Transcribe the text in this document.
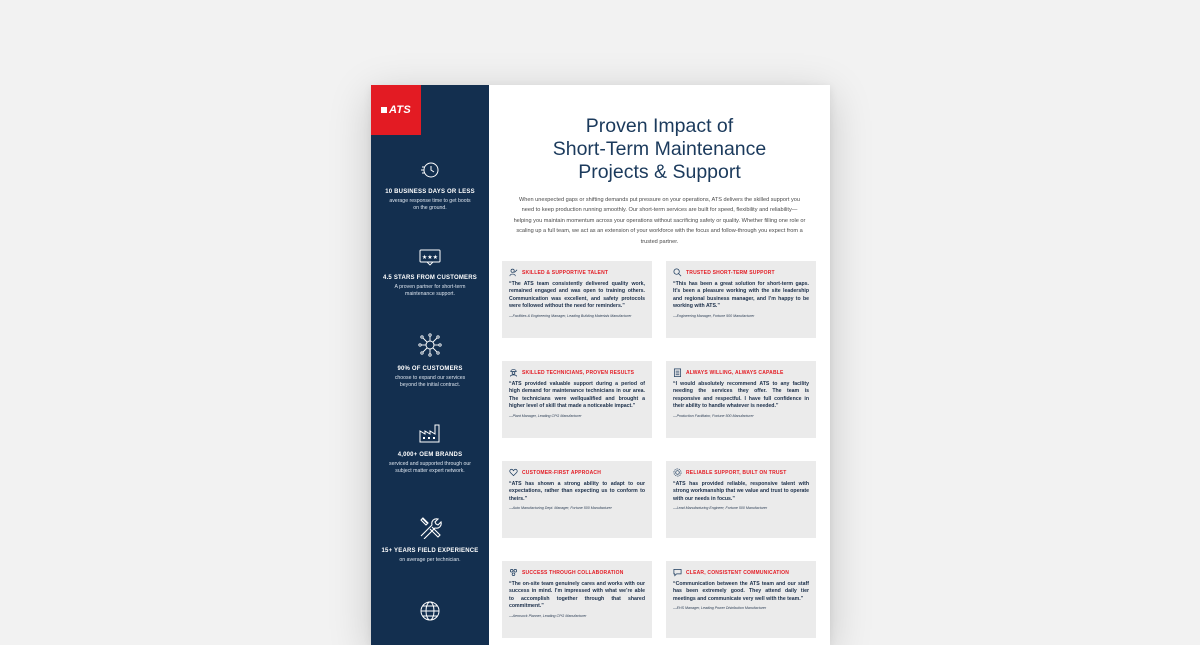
ATS
10 BUSINESS DAYS OR LESS
average response time to get boots on the ground.
★★★
4.5 STARS FROM CUSTOMERS
A proven partner for short-term maintenance support.
90% OF CUSTOMERS
choose to expand our services beyond the initial contract.
4,000+ OEM BRANDS
serviced and supported through our subject matter expert network.
15+ YEARS FIELD EXPERIENCE
on average per technician.
Proven Impact of
Short-Term Maintenance
Projects & Support
When unexpected gaps or shifting demands put pressure on your operations, ATS delivers the skilled support you need to keep production running smoothly. Our short-term services are built for speed, flexibility and reliability—helping you maintain momentum across your operations without sacrificing safety or quality. Whether filling one role or scaling up a full team, we act as an extension of your workforce with the focus and follow-through you expect from a trusted partner.
SKILLED & SUPPORTIVE TALENT
“The ATS team consistently delivered quality work, remained engaged and was open to training others. Communication was excellent, and safety protocols were followed without the need for reminders.”
—Facilities & Engineering Manager, Leading Building Materials Manufacturer
TRUSTED SHORT-TERM SUPPORT
“This has been a great solution for short-term gaps. It’s been a pleasure working with the site leadership and regional business manager, and I’m happy to be working with ATS.”
—Engineering Manager, Fortune 500 Manufacturer
SKILLED TECHNICIANS, PROVEN RESULTS
“ATS provided valuable support during a period of high demand for maintenance technicians in our area. The technicians were wellqualified and brought a higher level of skill that made a noticeable impact.”
—Plant Manager, Leading CPG Manufacturer
ALWAYS WILLING, ALWAYS CAPABLE
“I would absolutely recommend ATS to any facility needing the services they offer. The team is responsive and respectful. I have full confidence in their ability to handle whatever is needed.”
—Production Facilitator, Fortune 500 Manufacturer
CUSTOMER-FIRST APPROACH
“ATS has shown a strong ability to adapt to our expectations, rather than expecting us to conform to theirs.”
—Auto Manufacturing Dept. Manager, Fortune 500 Manufacturer
RELIABLE SUPPORT, BUILT ON TRUST
“ATS has provided reliable, responsive talent with strong workmanship that we value and trust to operate with our needs in focus.”
—Lead Manufacturing Engineer, Fortune 500 Manufacturer
SUCCESS THROUGH COLLABORATION
“The on-site team genuinely cares and works with our success in mind. I’m impressed with what we’re able to accomplish together through that shared commitment.”
—Aerosock Planner, Leading CPG Manufacturer
CLEAR, CONSISTENT COMMUNICATION
“Communication between the ATS team and our staff has been extremely good. They attend daily tier meetings and communicate very well with the team.”
—EHS Manager, Leading Power Distribution Manufacturer
